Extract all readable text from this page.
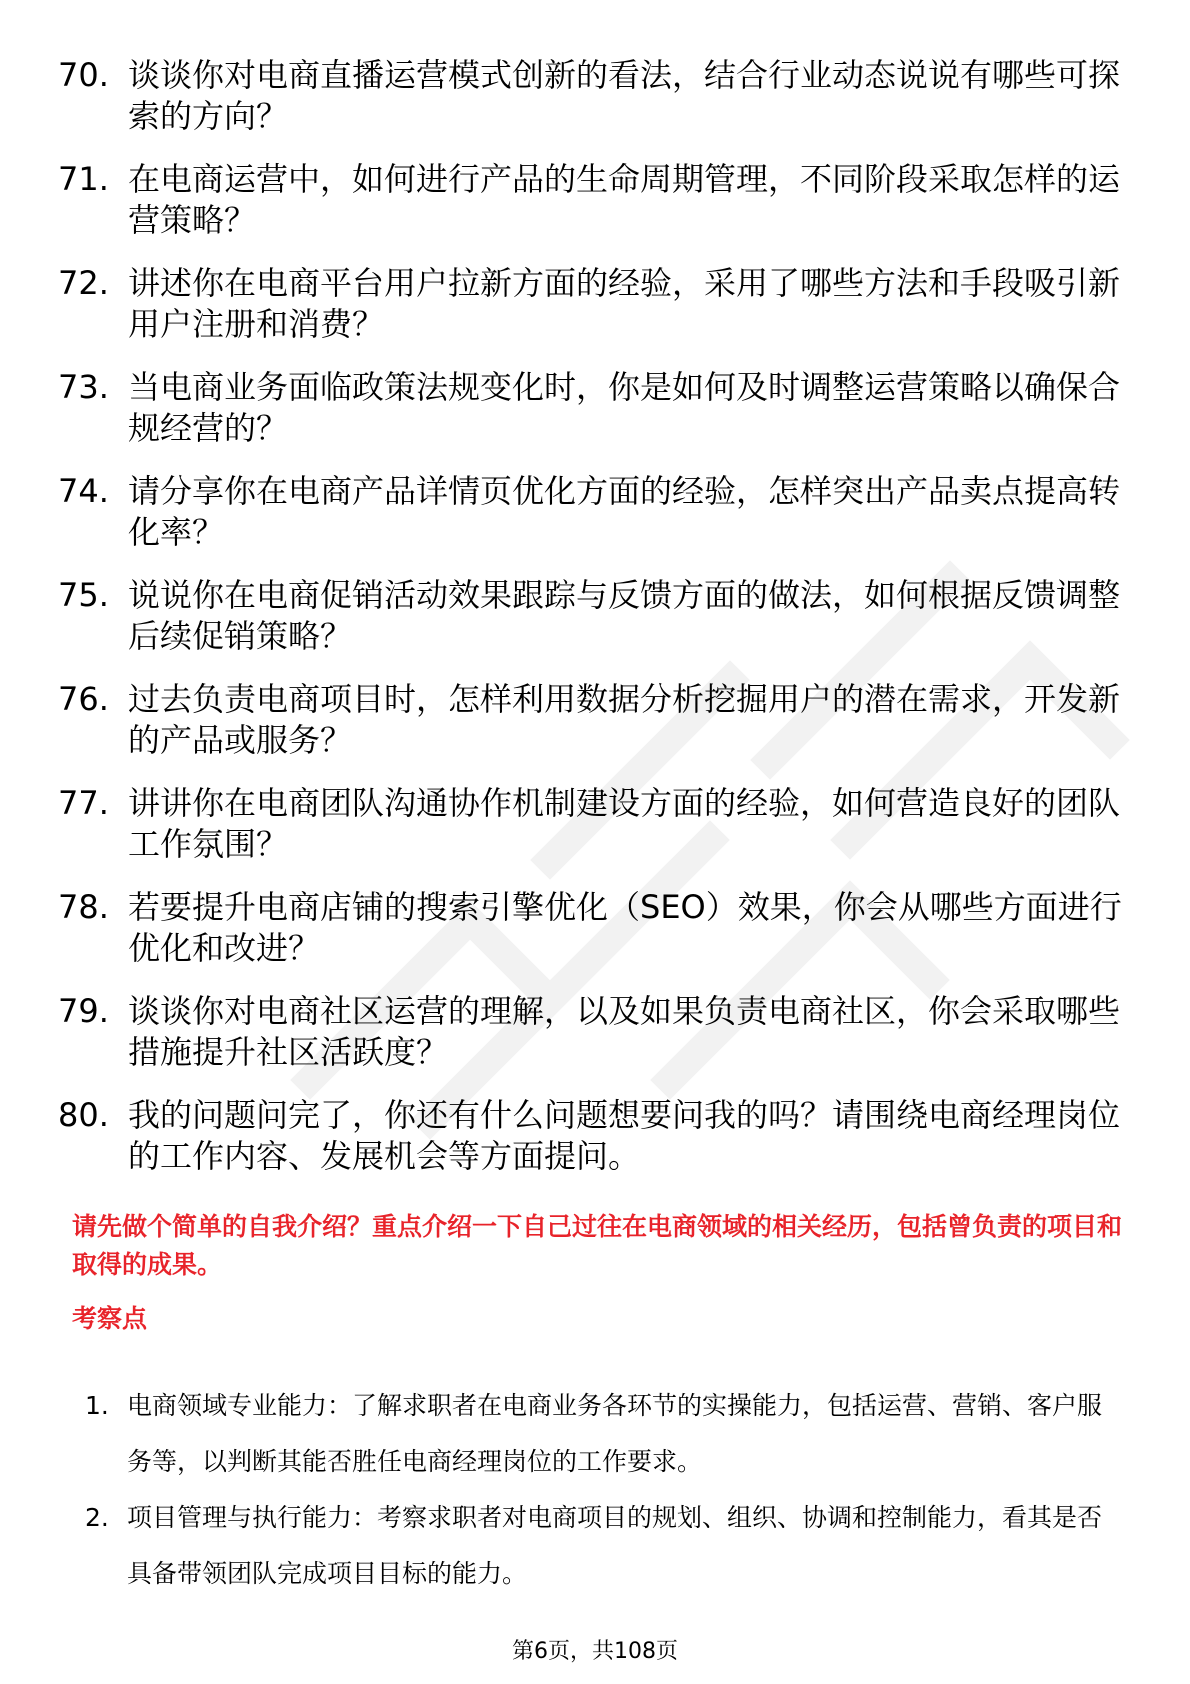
70. 谈谈你对电商直播运营模式创新的看法，结合行业动态说说有哪些可探索的方向？
71. 在电商运营中，如何进行产品的生命周期管理，不同阶段采取怎样的运营策略？
72. 讲述你在电商平台用户拉新方面的经验，采用了哪些方法和手段吸引新用户注册和消费？
73. 当电商业务面临政策法规变化时，你是如何及时调整运营策略以确保合规经营的？
74. 请分享你在电商产品详情页优化方面的经验，怎样突出产品卖点提高转化率？
75. 说说你在电商促销活动效果跟踪与反馈方面的做法，如何根据反馈调整后续促销策略？
76. 过去负责电商项目时，怎样利用数据分析挖掘用户的潜在需求，开发新的产品或服务？
77. 讲讲你在电商团队沟通协作机制建设方面的经验，如何营造良好的团队工作氛围？
78. 若要提升电商店铺的搜索引擎优化（SEO）效果，你会从哪些方面进行优化和改进？
79. 谈谈你对电商社区运营的理解，以及如果负责电商社区，你会采取哪些措施提升社区活跃度？
80. 我的问题问完了，你还有什么问题想要问我的吗？请围绕电商经理岗位的工作内容、发展机会等方面提问。

请先做个简单的自我介绍？重点介绍一下自己过往在电商领域的相关经历，包括曾负责的项目和取得的成果。

考察点

1. 电商领域专业能力：了解求职者在电商业务各环节的实操能力，包括运营、营销、客户服务等，以判断其能否胜任电商经理岗位的工作要求。
2. 项目管理与执行能力：考察求职者对电商项目的规划、组织、协调和控制能力，看其是否具备带领团队完成项目目标的能力。
第6页，共108页
